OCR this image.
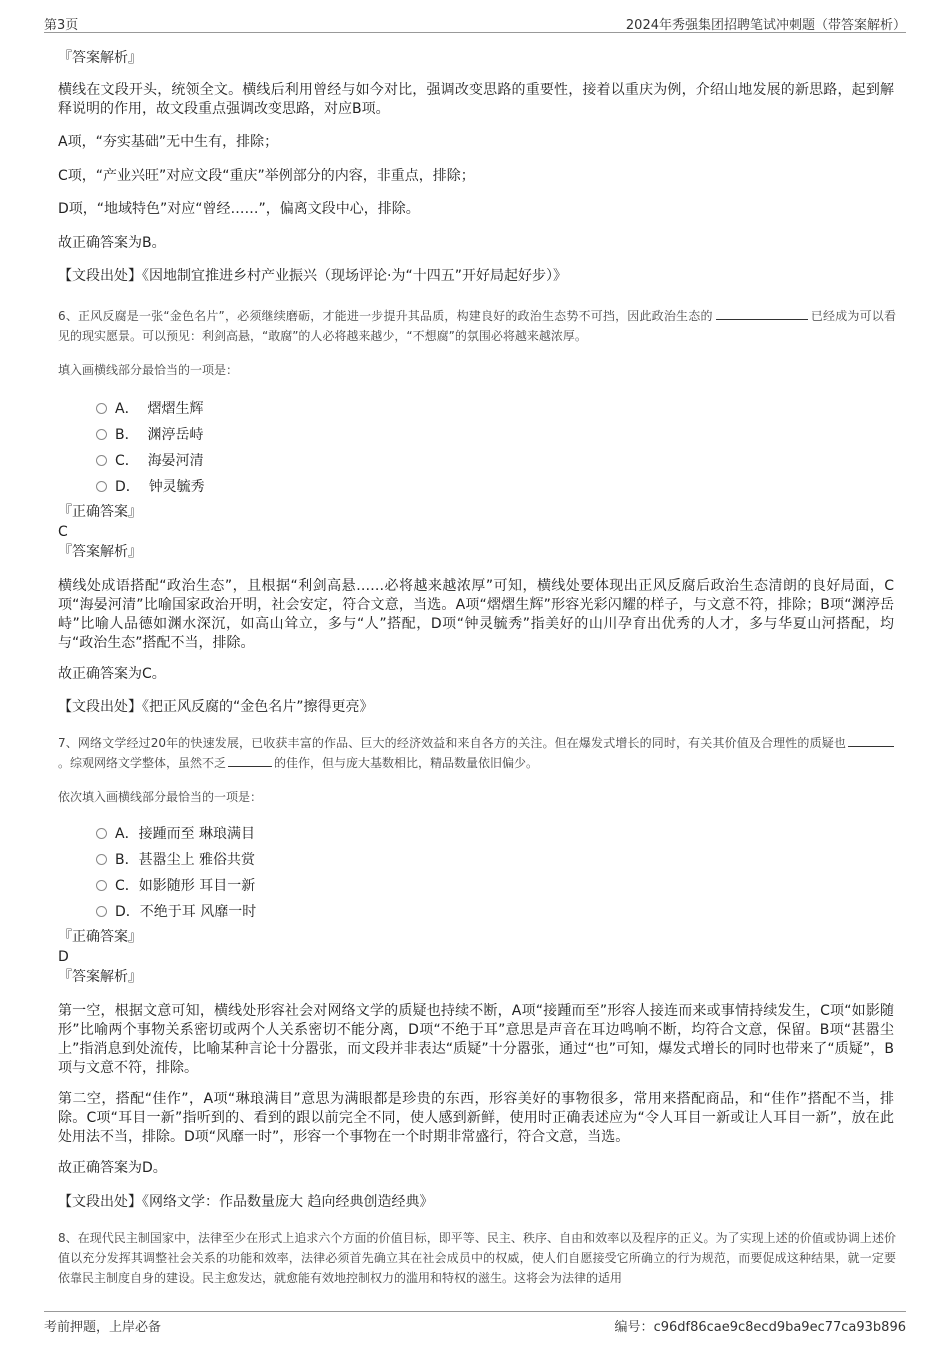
第3页	2024年秀强集团招聘笔试冲刺题（带答案解析）
『答案解析』
横线在文段开头，统领全文。横线后利用曾经与如今对比，强调改变思路的重要性，接着以重庆为例，介绍山地发展的新思路，起到解释说明的作用，故文段重点强调改变思路，对应B项。
A项，“夯实基础”无中生有，排除；
C项，“产业兴旺”对应文段“重庆”举例部分的内容，非重点，排除；
D项，“地域特色”对应“曾经……”，偏离文段中心，排除。
故正确答案为B。
【文段出处】《因地制宜推进乡村产业振兴（现场评论·为“十四五”开好局起好步）》
6、正风反腐是一张“金色名片”，必须继续磨砺，才能进一步提升其品质，构建良好的政治生态势不可挡，因此政治生态的	已经成为可以看见的现实愿景。可以预见：利剑高悬，“敢腐”的人必将越来越少，“不想腐”的氛围必将越来越浓厚。
填入画横线部分最恰当的一项是：
A． 熠熠生辉
B． 渊渟岳峙
C． 海晏河清
D． 钟灵毓秀
『正确答案』
C
『答案解析』
横线处成语搭配“政治生态”，且根据“利剑高悬……必将越来越浓厚”可知，横线处要体现出正风反腐后政治生态清朗的良好局面，C项“海晏河清”比喻国家政治开明，社会安定，符合文意，当选。A项“熠熠生辉”形容光彩闪耀的样子，与文意不符，排除；B项“渊渟岳峙”比喻人品德如渊水深沉，如高山耸立，多与“人”搭配，D项“钟灵毓秀”指美好的山川孕育出优秀的人才，多与华夏山河搭配，均与“政治生态”搭配不当，排除。
故正确答案为C。
【文段出处】《把正风反腐的“金色名片”擦得更亮》
7、网络文学经过20年的快速发展，已收获丰富的作品、巨大的经济效益和来自各方的关注。但在爆发式增长的同时，有关其价值及合理性的质疑也。综观网络文学整体，虽然不乏	的佳作，但与庞大基数相比，精品数量依旧偏少。
依次填入画横线部分最恰当的一项是：
A．接踵而至 琳琅满目
B．甚嚣尘上 雅俗共赏
C．如影随形 耳目一新
D．不绝于耳 风靡一时
『正确答案』
D
『答案解析』
第一空，根据文意可知，横线处形容社会对网络文学的质疑也持续不断，A项“接踵而至”形容人接连而来或事情持续发生，C项“如影随形”比喻两个事物关系密切或两个人关系密切不能分离，D项“不绝于耳”意思是声音在耳边鸣响不断，均符合文意，保留。B项“甚嚣尘上”指消息到处流传，比喻某种言论十分嚣张，而文段并非表达“质疑”十分嚣张，通过“也”可知，爆发式增长的同时也带来了“质疑”，B项与文意不符，排除。
第二空，搭配“佳作”，A项“琳琅满目”意思为满眼都是珍贵的东西，形容美好的事物很多，常用来搭配商品，和“佳作”搭配不当，排除。C项“耳目一新”指听到的、看到的跟以前完全不同，使人感到新鲜，使用时正确表述应为“令人耳目一新或让人耳目一新”，放在此处用法不当，排除。D项“风靡一时”，形容一个事物在一个时期非常盛行，符合文意，当选。
故正确答案为D。
【文段出处】《网络文学：作品数量庞大 趋向经典创造经典》
8、在现代民主制国家中，法律至少在形式上追求六个方面的价值目标，即平等、民主、秩序、自由和效率以及程序的正义。为了实现上述的价值或协调上述价值以充分发挥其调整社会关系的功能和效率，法律必须首先确立其在社会成员中的权威，使人们自愿接受它所确立的行为规范，而要促成这种结果，就一定要依靠民主制度自身的建设。民主愈发达，就愈能有效地控制权力的滥用和特权的滋生。这将会为法律的适用
考前押题，上岸必备	编号：c96df86cae9c8ecd9ba9ec77ca93b896
